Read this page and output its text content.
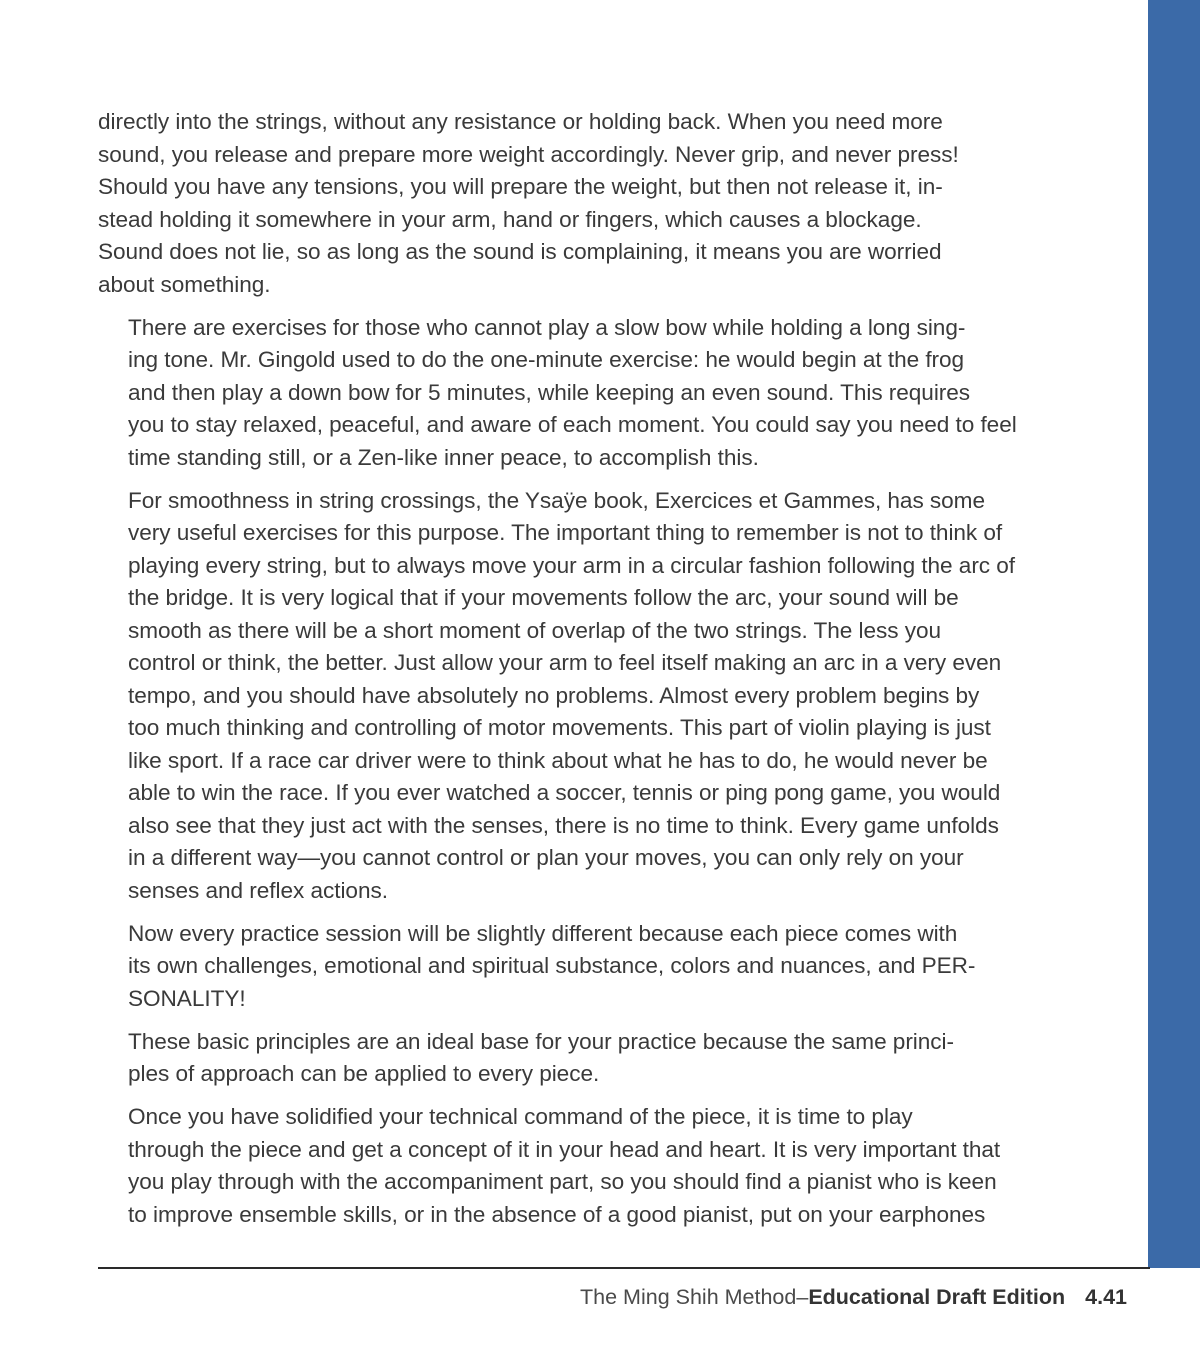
directly into the strings, without any resistance or holding back. When you need more
sound, you release and prepare more weight accordingly. Never grip, and never press!
Should you have any tensions, you will prepare the weight, but then not release it, in-
stead holding it somewhere in your arm, hand or fingers, which causes a blockage.
Sound does not lie, so as long as the sound is complaining, it means you are worried
about something.

There are exercises for those who cannot play a slow bow while holding a long sing-
ing tone. Mr. Gingold used to do the one-minute exercise: he would begin at the frog
and then play a down bow for 5 minutes, while keeping an even sound. This requires
you to stay relaxed, peaceful, and aware of each moment. You could say you need to feel
time standing still, or a Zen-like inner peace, to accomplish this.

For smoothness in string crossings, the Ysaÿe book, Exercices et Gammes, has some
very useful exercises for this purpose. The important thing to remember is not to think of
playing every string, but to always move your arm in a circular fashion following the arc of
the bridge. It is very logical that if your movements follow the arc, your sound will be
smooth as there will be a short moment of overlap of the two strings. The less you
control or think, the better. Just allow your arm to feel itself making an arc in a very even
tempo, and you should have absolutely no problems. Almost every problem begins by
too much thinking and controlling of motor movements. This part of violin playing is just
like sport. If a race car driver were to think about what he has to do, he would never be
able to win the race. If you ever watched a soccer, tennis or ping pong game, you would
also see that they just act with the senses, there is no time to think. Every game unfolds
in a different way—you cannot control or plan your moves, you can only rely on your
senses and reflex actions.

Now every practice session will be slightly different because each piece comes with
its own challenges, emotional and spiritual substance, colors and nuances, and PER-
SONALITY!

These basic principles are an ideal base for your practice because the same princi-
ples of approach can be applied to every piece.

Once you have solidified your technical command of the piece, it is time to play
through the piece and get a concept of it in your head and heart. It is very important that
you play through with the accompaniment part, so you should find a pianist who is keen
to improve ensemble skills, or in the absence of a good pianist, put on your earphones

The Ming Shih Method–Educational Draft Edition 4.41
